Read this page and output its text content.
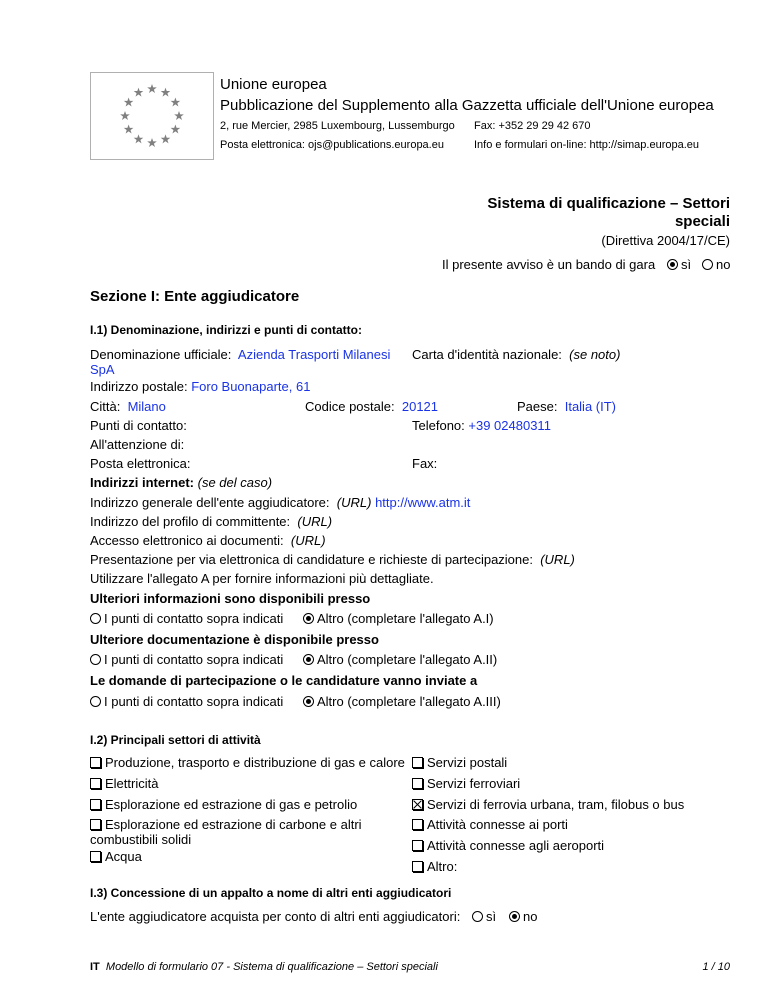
Unione europea
Pubblicazione del Supplemento alla Gazzetta ufficiale dell'Unione europea
2, rue Mercier, 2985 Luxembourg, Lussemburgo Fax: +352 29 29 42 670
Posta elettronica: ojs@publications.europa.eu	Info e formulari on-line: http://simap.europa.eu
Sistema di qualificazione – Settori
speciali
(Direttiva 2004/17/CE)
Il presente avviso è un bando di gara	sì	no
Sezione I: Ente aggiudicatore
I.1) Denominazione, indirizzi e punti di contatto:
Denominazione ufficiale: Azienda Trasporti Milanesi
SpA
Carta d'identità nazionale: (se noto)
Indirizzo postale: Foro Buonaparte, 61
Città: Milano	Codice postale: 20121	Paese: Italia (IT)
Punti di contatto:	Telefono: +39 02480311
All'attenzione di:
Posta elettronica:	Fax:
Indirizzi internet: (se del caso)
Indirizzo generale dell'ente aggiudicatore: (URL) http://www.atm.it
Indirizzo del profilo di committente: (URL)
Accesso elettronico ai documenti: (URL)
Presentazione per via elettronica di candidature e richieste di partecipazione: (URL)
Utilizzare l'allegato A per fornire informazioni più dettagliate.
Ulteriori informazioni sono disponibili presso
I punti di contatto sopra indicati	Altro (completare l'allegato A.I)
Ulteriore documentazione è disponibile presso
I punti di contatto sopra indicati	Altro (completare l'allegato A.II)
Le domande di partecipazione o le candidature vanno inviate a
I punti di contatto sopra indicati	Altro (completare l'allegato A.III)
I.2) Principali settori di attività
Produzione, trasporto e distribuzione di gas e calore
Elettricità
Esplorazione ed estrazione di gas e petrolio
Esplorazione ed estrazione di carbone e altri
combustibili solidi
Acqua
Servizi postali
Servizi ferroviari
Servizi di ferrovia urbana, tram, filobus o bus
Attività connesse ai porti
Attività connesse agli aeroporti
Altro:
I.3) Concessione di un appalto a nome di altri enti aggiudicatori
L'ente aggiudicatore acquista per conto di altri enti aggiudicatori:	sì	no
IT Modello di formulario 07 - Sistema di qualificazione – Settori speciali	1 / 10
